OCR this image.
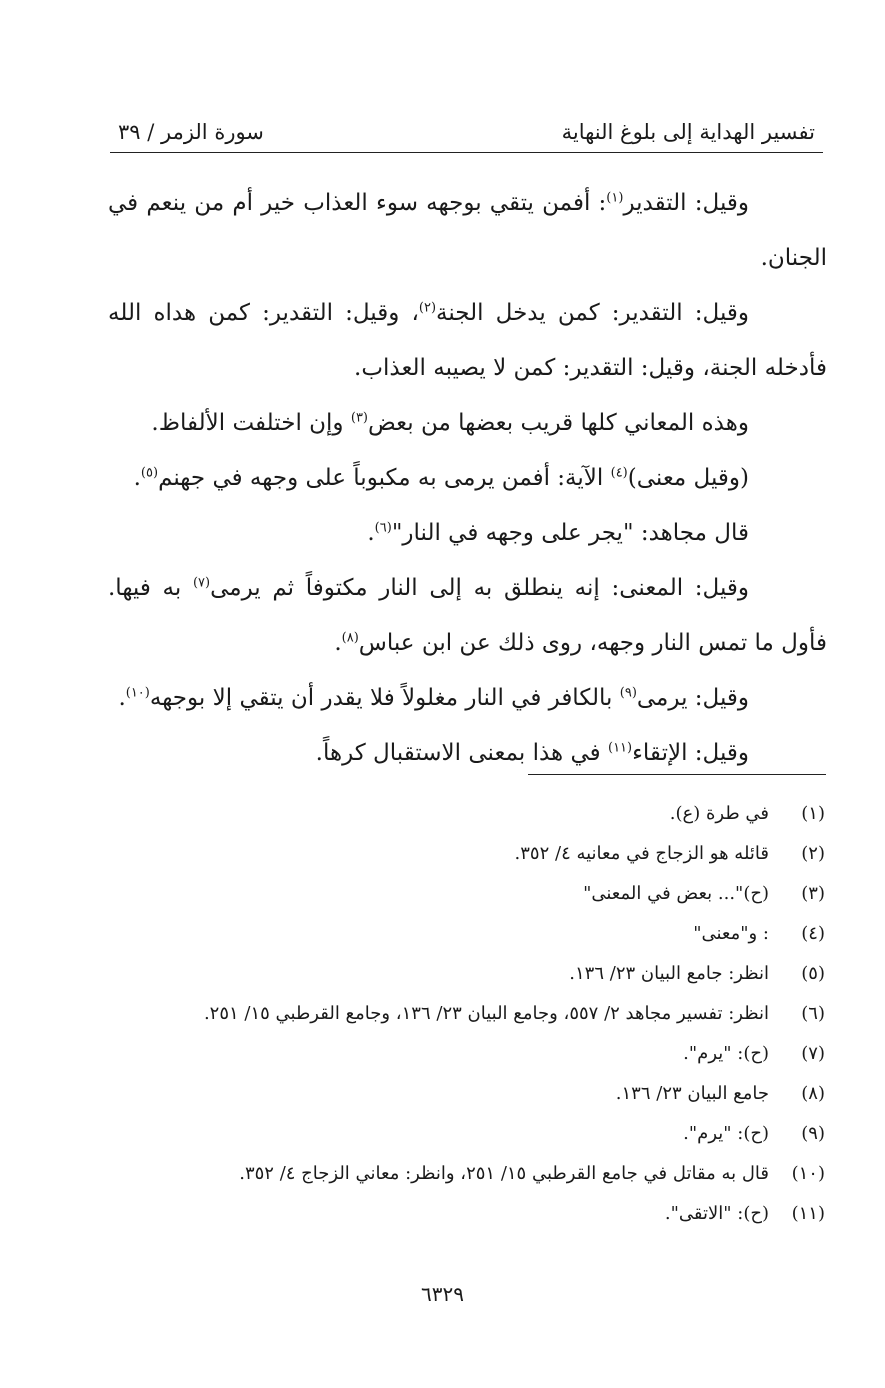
تفسير الهداية إلى بلوغ النهاية
سورة الزمر / ٣٩

وقيل: التقدير$^{(١)}$: أفمن يتقي بوجهه سوء العذاب خير أم من ينعم في الجنان.

وقيل: التقدير: كمن يدخل الجنة$^{(٢)}$، وقيل: التقدير: كمن هداه الله فأدخله الجنة، وقيل: التقدير: كمن لا يصيبه العذاب.

وهذه المعاني كلها قريب بعضها من بعض$^{(٣)}$ وإن اختلفت الألفاظ.

(وقيل معنى)$^{(٤)}$ الآية: أفمن يرمى به مكبوباً على وجهه في جهنم$^{(٥)}$.

قال مجاهد: "يجر على وجهه في النار"$^{(٦)}$.

وقيل: المعنى: إنه ينطلق به إلى النار مكتوفاً ثم يرمى$^{(٧)}$ به فيها. فأول ما تمس النار وجهه، روى ذلك عن ابن عباس$^{(٨)}$.

وقيل: يرمى$^{(٩)}$ بالكافر في النار مغلولاً فلا يقدر أن يتقي إلا بوجهه$^{(١٠)}$.

وقيل: الإتقاء$^{(١١)}$ في هذا بمعنى الاستقبال كرهاً.

(١)في طرة (ع).
(٢)قائله هو الزجاج في معانيه ٤/ ٣٥٢.
(٣)(ح)"... بعض في المعنى"
(٤): و"معنى"
(٥)انظر: جامع البيان ٢٣/ ١٣٦.
(٦)انظر: تفسير مجاهد ٢/ ٥٥٧، وجامع البيان ٢٣/ ١٣٦، وجامع القرطبي ١٥/ ٢٥١.
(٧)(ح): "يرم".
(٨)جامع البيان ٢٣/ ١٣٦.
(٩)(ح): "يرم".
(١٠)قال به مقاتل في جامع القرطبي ١٥/ ٢٥١، وانظر: معاني الزجاج ٤/ ٣٥٢.
(١١)(ح): "الاتقى".
٦٣٢٩
